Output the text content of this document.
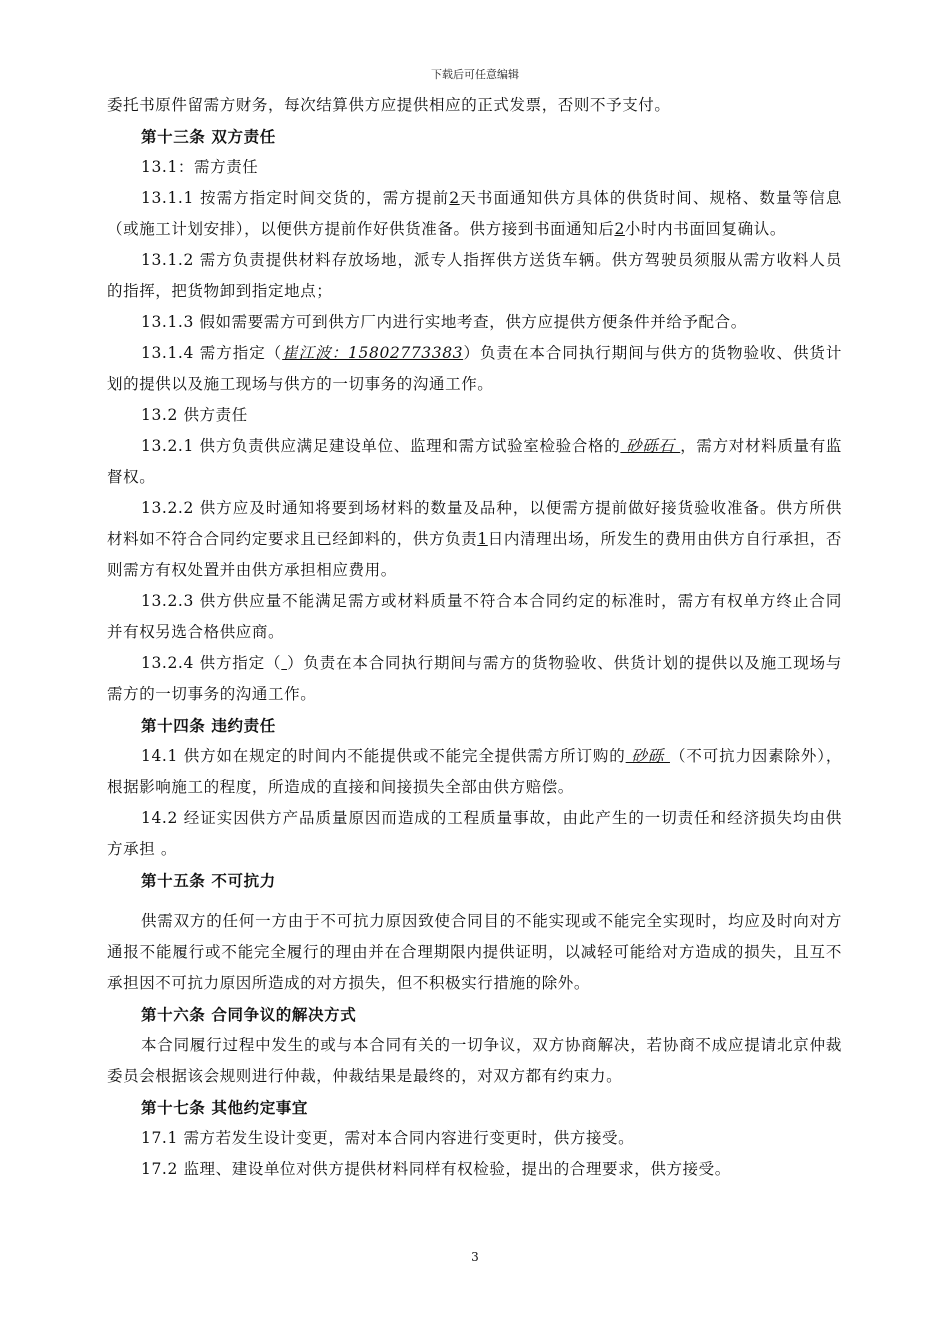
下载后可任意编辑

委托书原件留需方财务，每次结算供方应提供相应的正式发票，否则不予支付。

第十三条 双方责任

13.1：需方责任

13.1.1 按需方指定时间交货的，需方提前2天书面通知供方具体的供货时间、规格、数量等信息（或施工计划安排），以便供方提前作好供货准备。供方接到书面通知后2小时内书面回复确认。

13.1.2 需方负责提供材料存放场地，派专人指挥供方送货车辆。供方驾驶员须服从需方收料人员的指挥，把货物卸到指定地点；

13.1.3 假如需要需方可到供方厂内进行实地考查，供方应提供方便条件并给予配合。

13.1.4 需方指定（崔江波：15802773383）负责在本合同执行期间与供方的货物验收、供货计划的提供以及施工现场与供方的一切事务的沟通工作。

13.2 供方责任

13.2.1 供方负责供应满足建设单位、监理和需方试验室检验合格的 砂砾石 ，需方对材料质量有监督权。

13.2.2 供方应及时通知将要到场材料的数量及品种，以便需方提前做好接货验收准备。供方所供材料如不符合合同约定要求且已经卸料的，供方负责1日内清理出场，所发生的费用由供方自行承担，否则需方有权处置并由供方承担相应费用。

13.2.3 供方供应量不能满足需方或材料质量不符合本合同约定的标准时，需方有权单方终止合同并有权另选合格供应商。

13.2.4 供方指定（ ）负责在本合同执行期间与需方的货物验收、供货计划的提供以及施工现场与需方的一切事务的沟通工作。

第十四条 违约责任

14.1 供方如在规定的时间内不能提供或不能完全提供需方所订购的 砂砾 （不可抗力因素除外），根据影响施工的程度，所造成的直接和间接损失全部由供方赔偿。

14.2 经证实因供方产品质量原因而造成的工程质量事故，由此产生的一切责任和经济损失均由供方承担 。

第十五条 不可抗力

供需双方的任何一方由于不可抗力原因致使合同目的不能实现或不能完全实现时，均应及时向对方通报不能履行或不能完全履行的理由并在合理期限内提供证明，以减轻可能给对方造成的损失，且互不承担因不可抗力原因所造成的对方损失，但不积极实行措施的除外。

第十六条 合同争议的解决方式

本合同履行过程中发生的或与本合同有关的一切争议，双方协商解决，若协商不成应提请北京仲裁委员会根据该会规则进行仲裁，仲裁结果是最终的，对双方都有约束力。

第十七条 其他约定事宜

17.1 需方若发生设计变更，需对本合同内容进行变更时，供方接受。

17.2 监理、建设单位对供方提供材料同样有权检验，提出的合理要求，供方接受。

3
